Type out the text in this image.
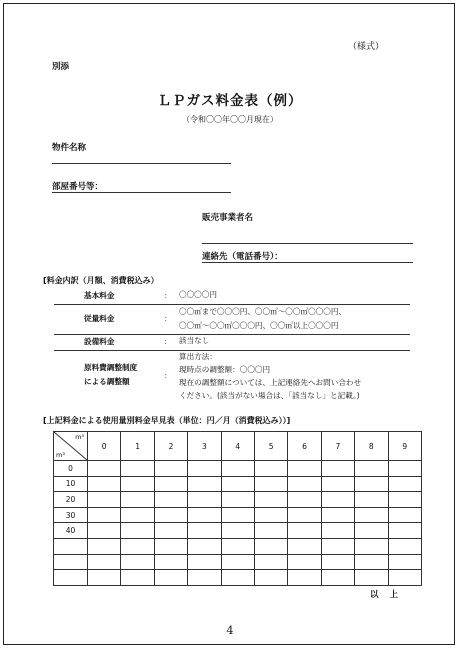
（様式）
別添
ＬＰガス料金表（例）
（令和〇〇年〇〇月現在）
物件名称
部屋番号等：
販売事業者名
連絡先（電話番号）：
[料金内訳（月額、消費税込み）
基本料金	： 〇〇〇〇円
従量料金	：
〇〇㎥まで〇〇〇円、〇〇㎥～〇〇㎥〇〇〇円、
〇〇㎥～〇〇㎥〇〇〇円、〇〇㎥以上〇〇〇円
設備料金	： 該当なし
原料費調整制度
による調整額
：
算出方法：
現時点の調整額：〇〇〇円
現在の調整額については、上記連絡先へお問い合わせ
ください。(該当がない場合は、「該当なし」と記載。)
[上記料金による使用量別料金早見表（単位：円／月（消費税込み））]
m³
m³	0	1	2	3	4	5	6	7	8	9
0										
10										
20										
30										
40										

以 上
4
